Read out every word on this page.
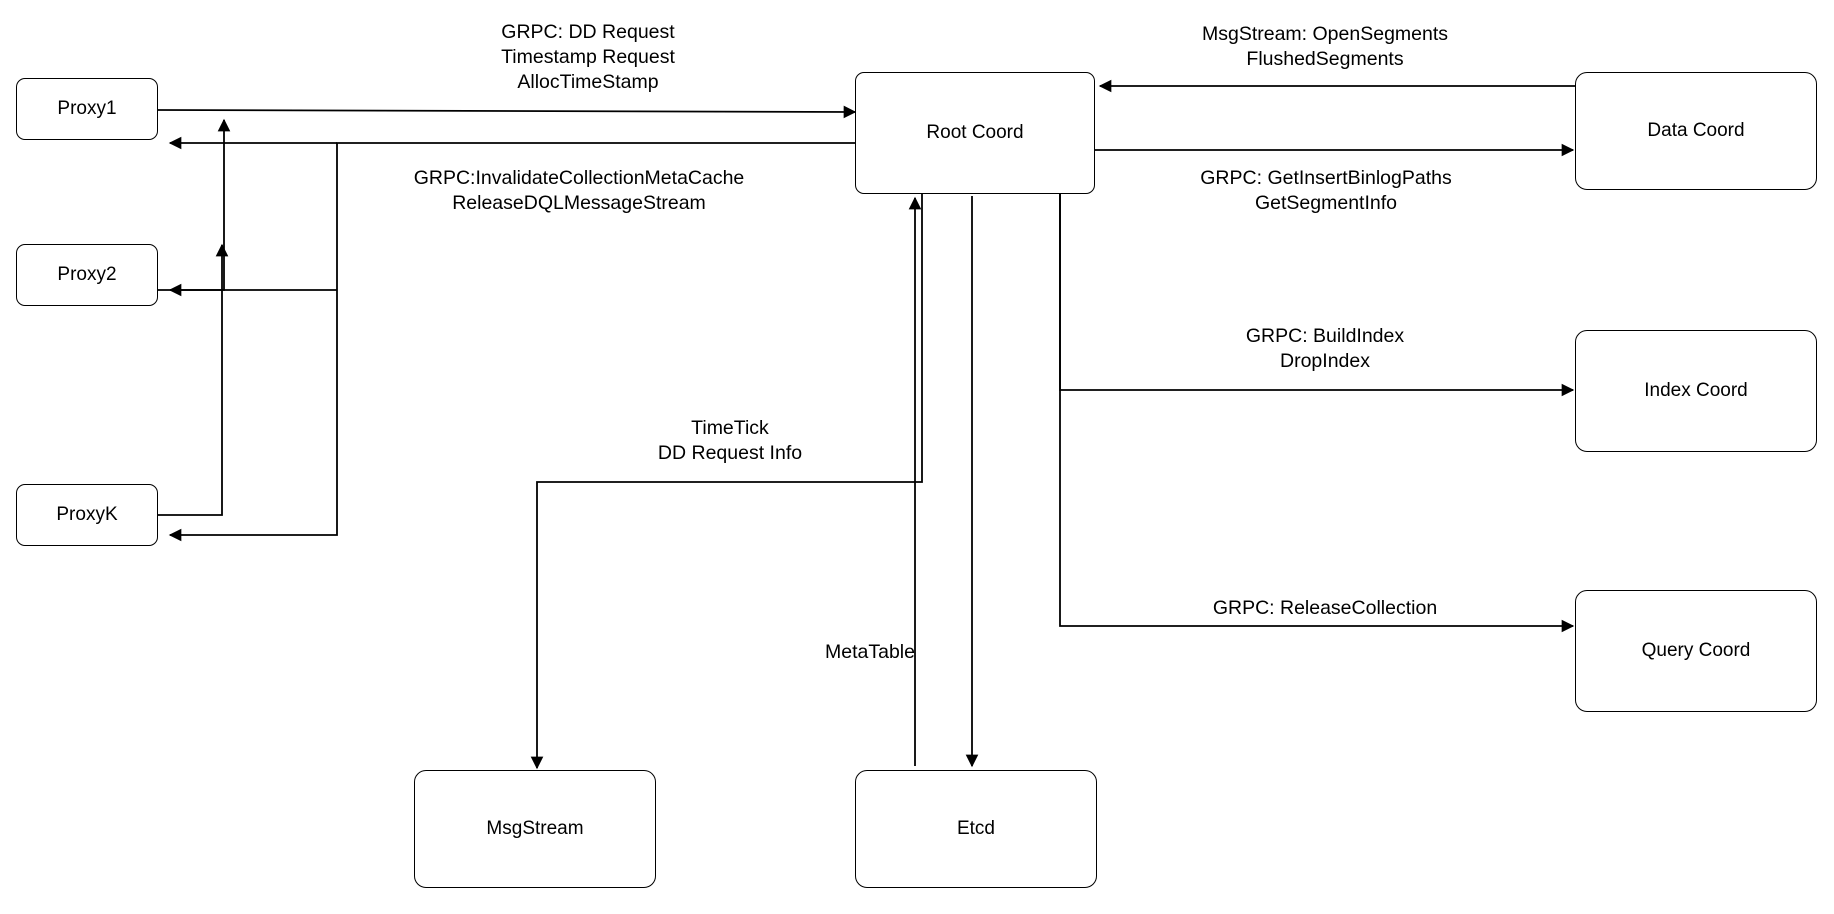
Proxy1
Proxy2
ProxyK
Root Coord	Data Coord
Index Coord
Query Coord
MsgStream	Etcd
GRPC: DD Request
Timestamp Request
AllocTimeStamp
GRPC:InvalidateCollectionMetaCache
ReleaseDQLMessageStream
MsgStream: OpenSegments
FlushedSegments
GRPC: GetInsertBinlogPaths
GetSegmentInfo
GRPC: BuildIndex
DropIndex
GRPC: ReleaseCollection
TimeTick
DD Request Info
MetaTable
